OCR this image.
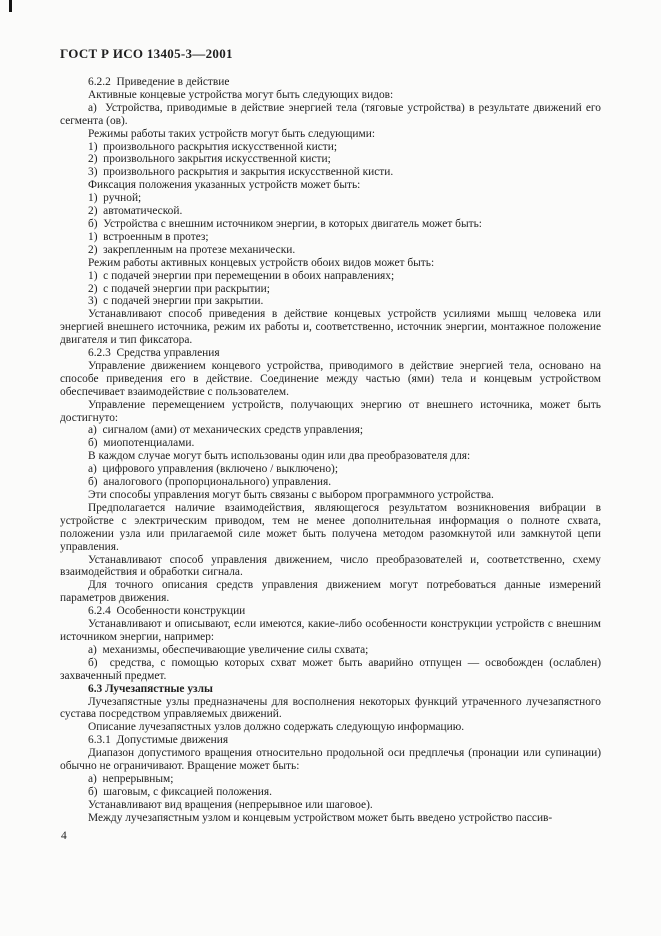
ГОСТ Р ИСО 13405-3—2001

6.2.2  Приведение в действие

Активные концевые устройства могут быть следующих видов:

а)  Устройства, приводимые в действие энергией тела (тяговые устройства) в результате движений его сегмента (ов).

Режимы работы таких устройств могут быть следующими:

1)  произвольного раскрытия искусственной кисти;

2)  произвольного закрытия искусственной кисти;

3)  произвольного раскрытия и закрытия искусственной кисти.

Фиксация положения указанных устройств может быть:

1)  ручной;

2)  автоматической.

б)  Устройства с внешним источником энергии, в которых двигатель может быть:

1)  встроенным в протез;

2)  закрепленным на протезе механически.

Режим работы активных концевых устройств обоих видов может быть:

1)  с подачей энергии при перемещении в обоих направлениях;

2)  с подачей энергии при раскрытии;

3)  с подачей энергии при закрытии.

Устанавливают способ приведения в действие концевых устройств усилиями мышц человека или энергией внешнего источника, режим их работы и, соответственно, источник энергии, монтажное положение двигателя и тип фиксатора.

6.2.3  Средства управления

Управление движением концевого устройства, приводимого в действие энергией тела, основано на способе приведения его в действие. Соединение между частью (ями) тела и концевым устройством обеспечивает взаимодействие с пользователем.

Управление перемещением устройств, получающих энергию от внешнего источника, может быть достигнуто:

а)  сигналом (ами) от механических средств управления;

б)  миопотенциалами.

В каждом случае могут быть использованы один или два преобразователя для:

а)  цифрового управления (включено / выключено);

б)  аналогового (пропорционального) управления.

Эти способы управления могут быть связаны с выбором программного устройства.

Предполагается наличие взаимодействия, являющегося результатом возникновения вибрации в устройстве с электрическим приводом, тем не менее дополнительная информация о полноте схвата, положении узла или прилагаемой силе может быть получена методом разомкнутой или замкнутой цепи управления.

Устанавливают способ управления движением, число преобразователей и, соответственно, схему взаимодействия и обработки сигнала.

Для точного описания средств управления движением могут потребоваться данные измерений параметров движения.

6.2.4  Особенности конструкции

Устанавливают и описывают, если имеются, какие-либо особенности конструкции устройств с внешним источником энергии, например:

а)  механизмы, обеспечивающие увеличение силы схвата;

б)  средства, с помощью которых схват может быть аварийно отпущен — освобожден (ослаблен) захваченный предмет.

6.3 Лучезапястные узлы

Лучезапястные узлы предназначены для восполнения некоторых функций утраченного лучезапястного сустава посредством управляемых движений.

Описание лучезапястных узлов должно содержать следующую информацию.

6.3.1  Допустимые движения

Диапазон допустимого вращения относительно продольной оси предплечья (пронации или супинации) обычно не ограничивают. Вращение может быть:

а)  непрерывным;

б)  шаговым, с фиксацией положения.

Устанавливают вид вращения (непрерывное или шаговое).

Между лучезапястным узлом и концевым устройством может быть введено устройство пассив-

4
